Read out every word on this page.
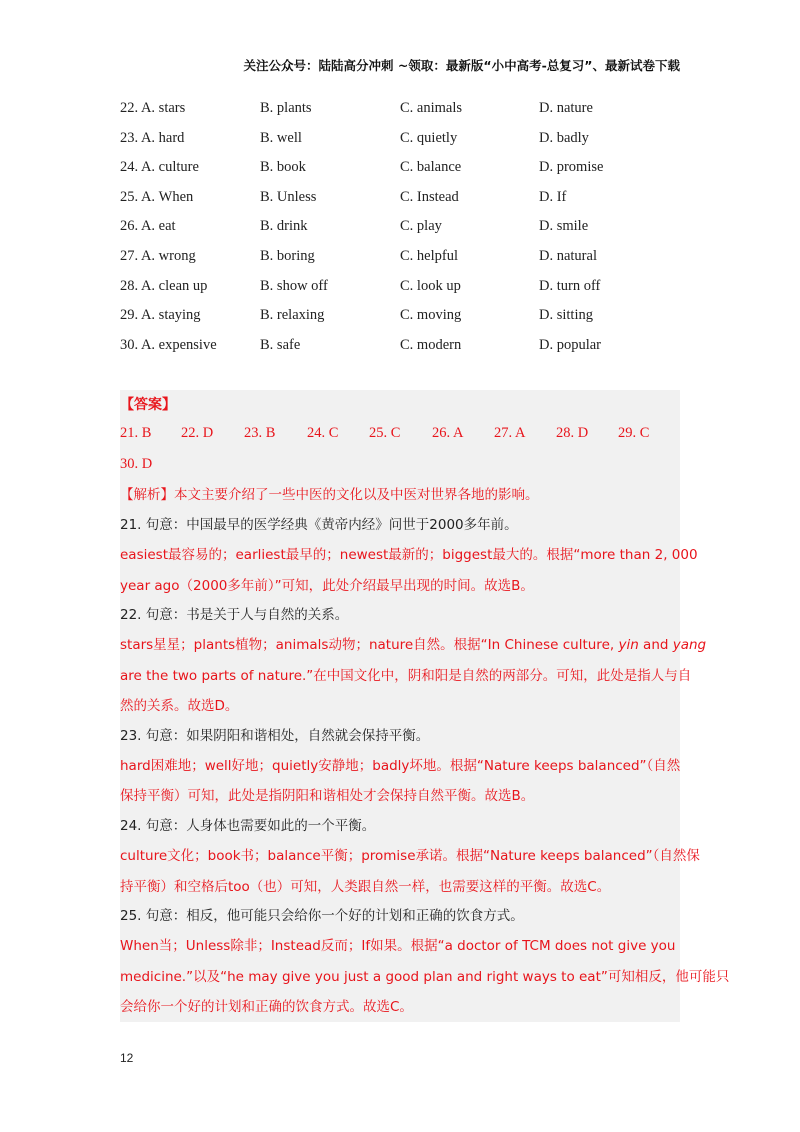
关注公众号：陆陆高分冲刺 ~领取：最新版“小中高考-总复习”、最新试卷下载
22. A. stars	B. plants	C. animals	D. nature
23. A. hard	B. well	C. quietly	D. badly
24. A. culture	B. book	C. balance	D. promise
25. A. When	B. Unless	C. Instead	D. If
26. A. eat	B. drink	C. play	D. smile
27. A. wrong	B. boring	C. helpful	D. natural
28. A. clean up	B. show off	C. look up	D. turn off
29. A. staying	B. relaxing	C. moving	D. sitting
30. A. expensive	B. safe	C. modern	D. popular
【答案】
21. B 22. D 23. B 24. C 25. C 26. A 27. A 28. D 29. C
30. D
【解析】本文主要介绍了一些中医的文化以及中医对世界各地的影响。
21. 句意：中国最早的医学经典《黄帝内经》问世于2000多年前。
easiest最容易的；earliest最早的；newest最新的；biggest最大的。根据“more than 2, 000
year ago（2000多年前）”可知，此处介绍最早出现的时间。故选B。
22. 句意：书是关于人与自然的关系。
stars星星；plants植物；animals动物；nature自然。根据“In Chinese culture, yin and yang
are the two parts of nature.”在中国文化中，阴和阳是自然的两部分。可知，此处是指人与自
然的关系。故选D。
23. 句意：如果阴阳和谐相处，自然就会保持平衡。
hard困难地；well好地；quietly安静地；badly坏地。根据“Nature keeps balanced”（自然
保持平衡）可知，此处是指阴阳和谐相处才会保持自然平衡。故选B。
24. 句意：人身体也需要如此的一个平衡。
culture文化；book书；balance平衡；promise承诺。根据“Nature keeps balanced”（自然保
持平衡）和空格后too（也）可知，人类跟自然一样，也需要这样的平衡。故选C。
25. 句意：相反，他可能只会给你一个好的计划和正确的饮食方式。
When当；Unless除非；Instead反而；If如果。根据“a doctor of TCM does not give you
medicine.”以及“he may give you just a good plan and right ways to eat”可知相反，他可能只
会给你一个好的计划和正确的饮食方式。故选C。
12
